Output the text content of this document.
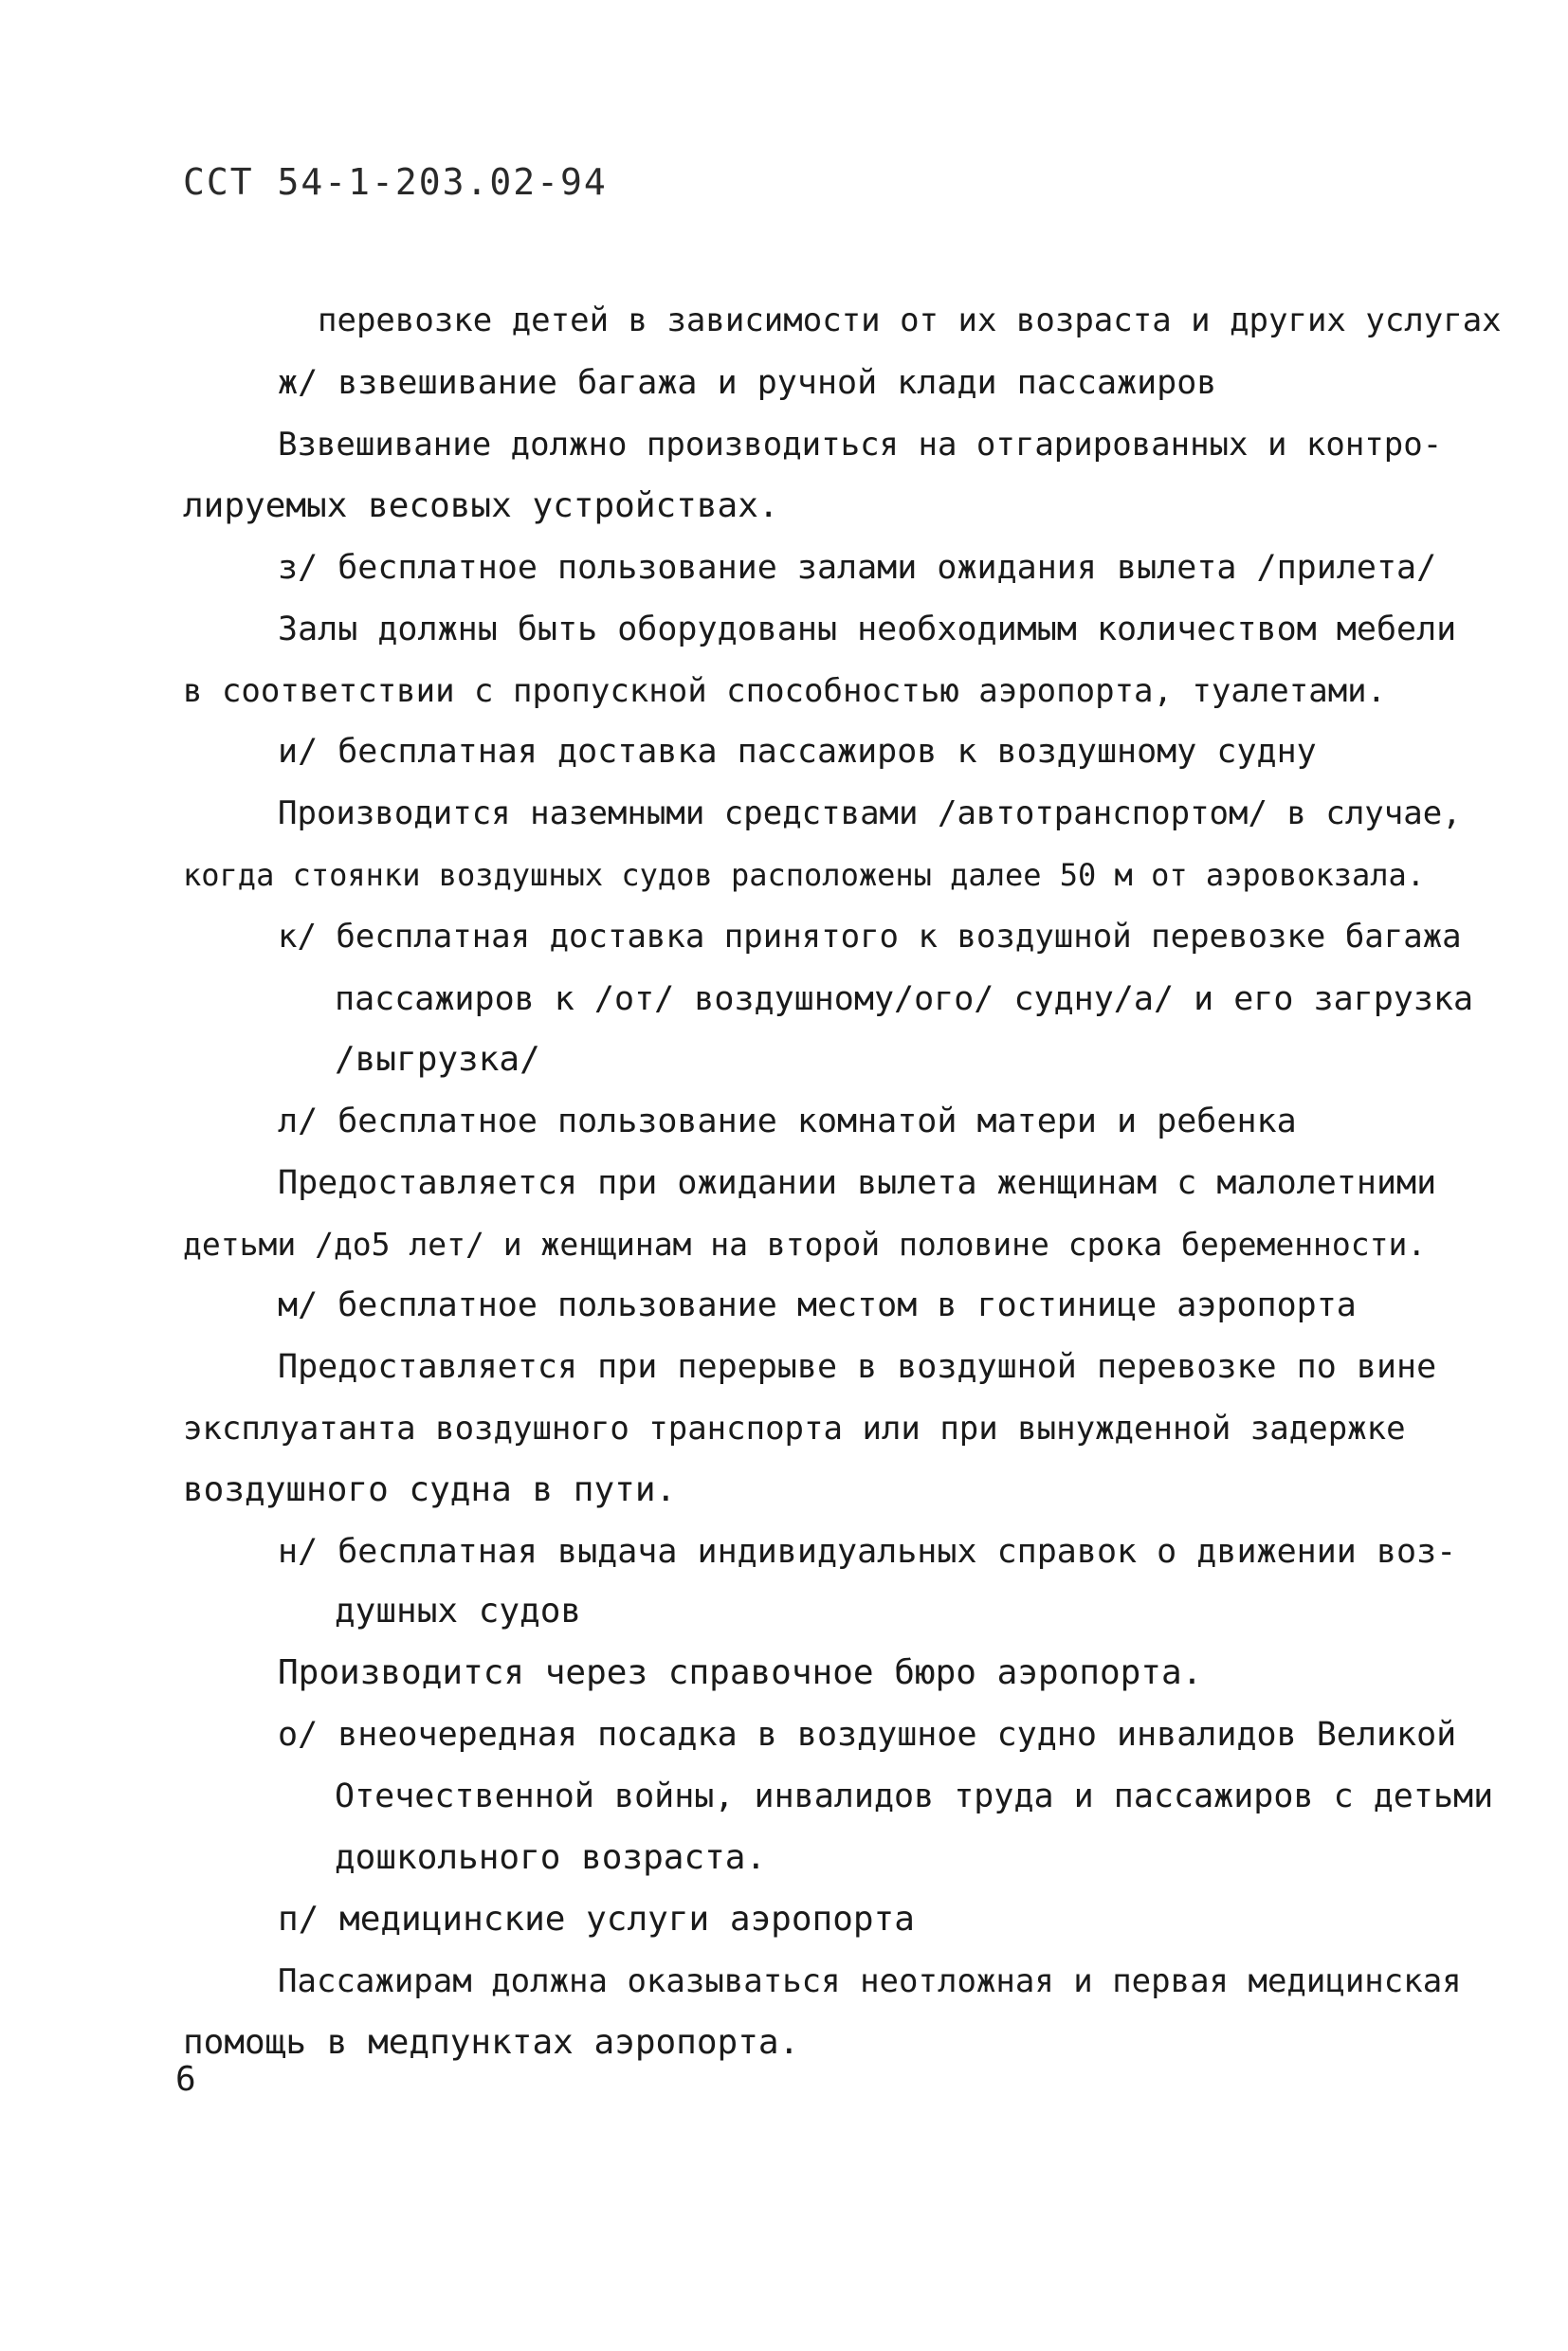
ССТ 54-1-203.02-94
перевозке детей в зависимости от их возраста и других услугах
ж/ взвешивание багажа и ручной клади пассажиров
Взвешивание должно производиться на отгарированных и контро-
лируемых весовых устройствах.
з/ бесплатное пользование залами ожидания вылета /прилета/
Залы должны быть оборудованы необходимым количеством мебели
в соответствии с пропускной способностью аэропорта, туалетами.
и/ бесплатная доставка пассажиров к воздушному судну
Производится наземными средствами /автотранспортом/ в случае,
когда стоянки воздушных судов расположены далее 50 м от аэровокзала.
к/ бесплатная доставка принятого к воздушной перевозке багажа
пассажиров к /от/ воздушному/ого/ судну/а/ и его загрузка
/выгрузка/
л/ бесплатное пользование комнатой матери и ребенка
Предоставляется при ожидании вылета женщинам с малолетними
детьми /до5 лет/ и женщинам на второй половине срока беременности.
м/ бесплатное пользование местом в гостинице аэропорта
Предоставляется при перерыве в воздушной перевозке по вине
эксплуатанта воздушного транспорта или при вынужденной задержке
воздушного судна в пути.
н/ бесплатная выдача индивидуальных справок о движении воз-
душных судов
Производится через справочное бюро аэропорта.
о/ внеочередная посадка в воздушное судно инвалидов Великой
Отечественной войны, инвалидов труда и пассажиров с детьми
дошкольного возраста.
п/ медицинские услуги аэропорта
Пассажирам должна оказываться неотложная и первая медицинская
помощь в медпунктах аэропорта.
6
